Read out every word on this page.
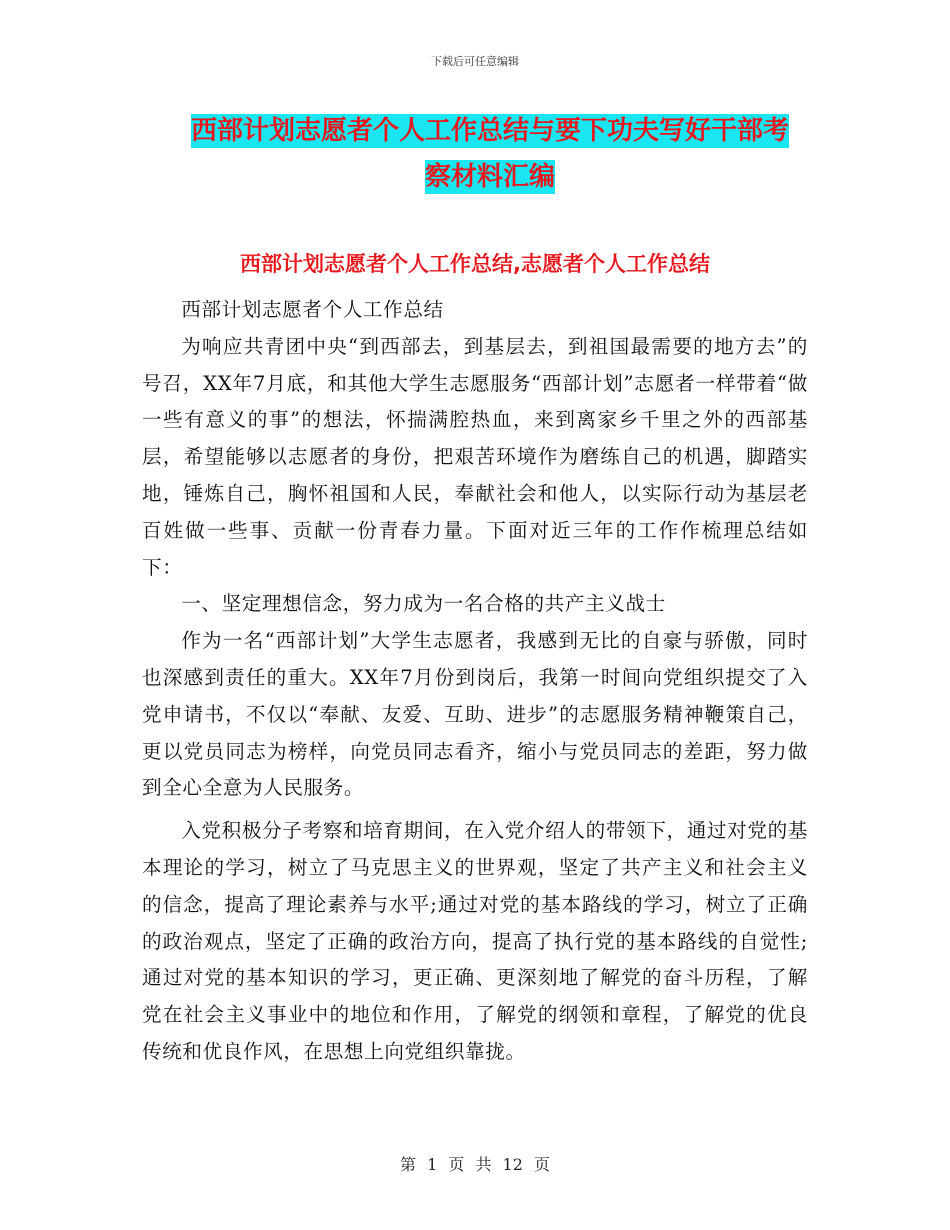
下载后可任意编辑
西部计划志愿者个人工作总结与要下功夫写好干部考
察材料汇编
西部计划志愿者个人工作总结,志愿者个人工作总结

西部计划志愿者个人工作总结

为响应共青团中央“到西部去，到基层去，到祖国最需要的地方去”的号召，XX年7月底，和其他大学生志愿服务“西部计划”志愿者一样带着“做一些有意义的事”的想法，怀揣满腔热血，来到离家乡千里之外的西部基层，希望能够以志愿者的身份，把艰苦环境作为磨练自己的机遇，脚踏实地，锤炼自己，胸怀祖国和人民，奉献社会和他人，以实际行动为基层老百姓做一些事、贡献一份青春力量。下面对近三年的工作作梳理总结如下：

一、坚定理想信念，努力成为一名合格的共产主义战士

作为一名“西部计划”大学生志愿者，我感到无比的自豪与骄傲，同时也深感到责任的重大。XX年7月份到岗后，我第一时间向党组织提交了入党申请书，不仅以“奉献、友爱、互助、进步”的志愿服务精神鞭策自己，更以党员同志为榜样，向党员同志看齐，缩小与党员同志的差距，努力做到全心全意为人民服务。

入党积极分子考察和培育期间，在入党介绍人的带领下，通过对党的基本理论的学习，树立了马克思主义的世界观，坚定了共产主义和社会主义的信念，提高了理论素养与水平;通过对党的基本路线的学习，树立了正确的政治观点，坚定了正确的政治方向，提高了执行党的基本路线的自觉性;通过对党的基本知识的学习，更正确、更深刻地了解党的奋斗历程，了解党在社会主义事业中的地位和作用，了解党的纲领和章程，了解党的优良传统和优良作风，在思想上向党组织靠拢。

第 1 页 共 12 页
